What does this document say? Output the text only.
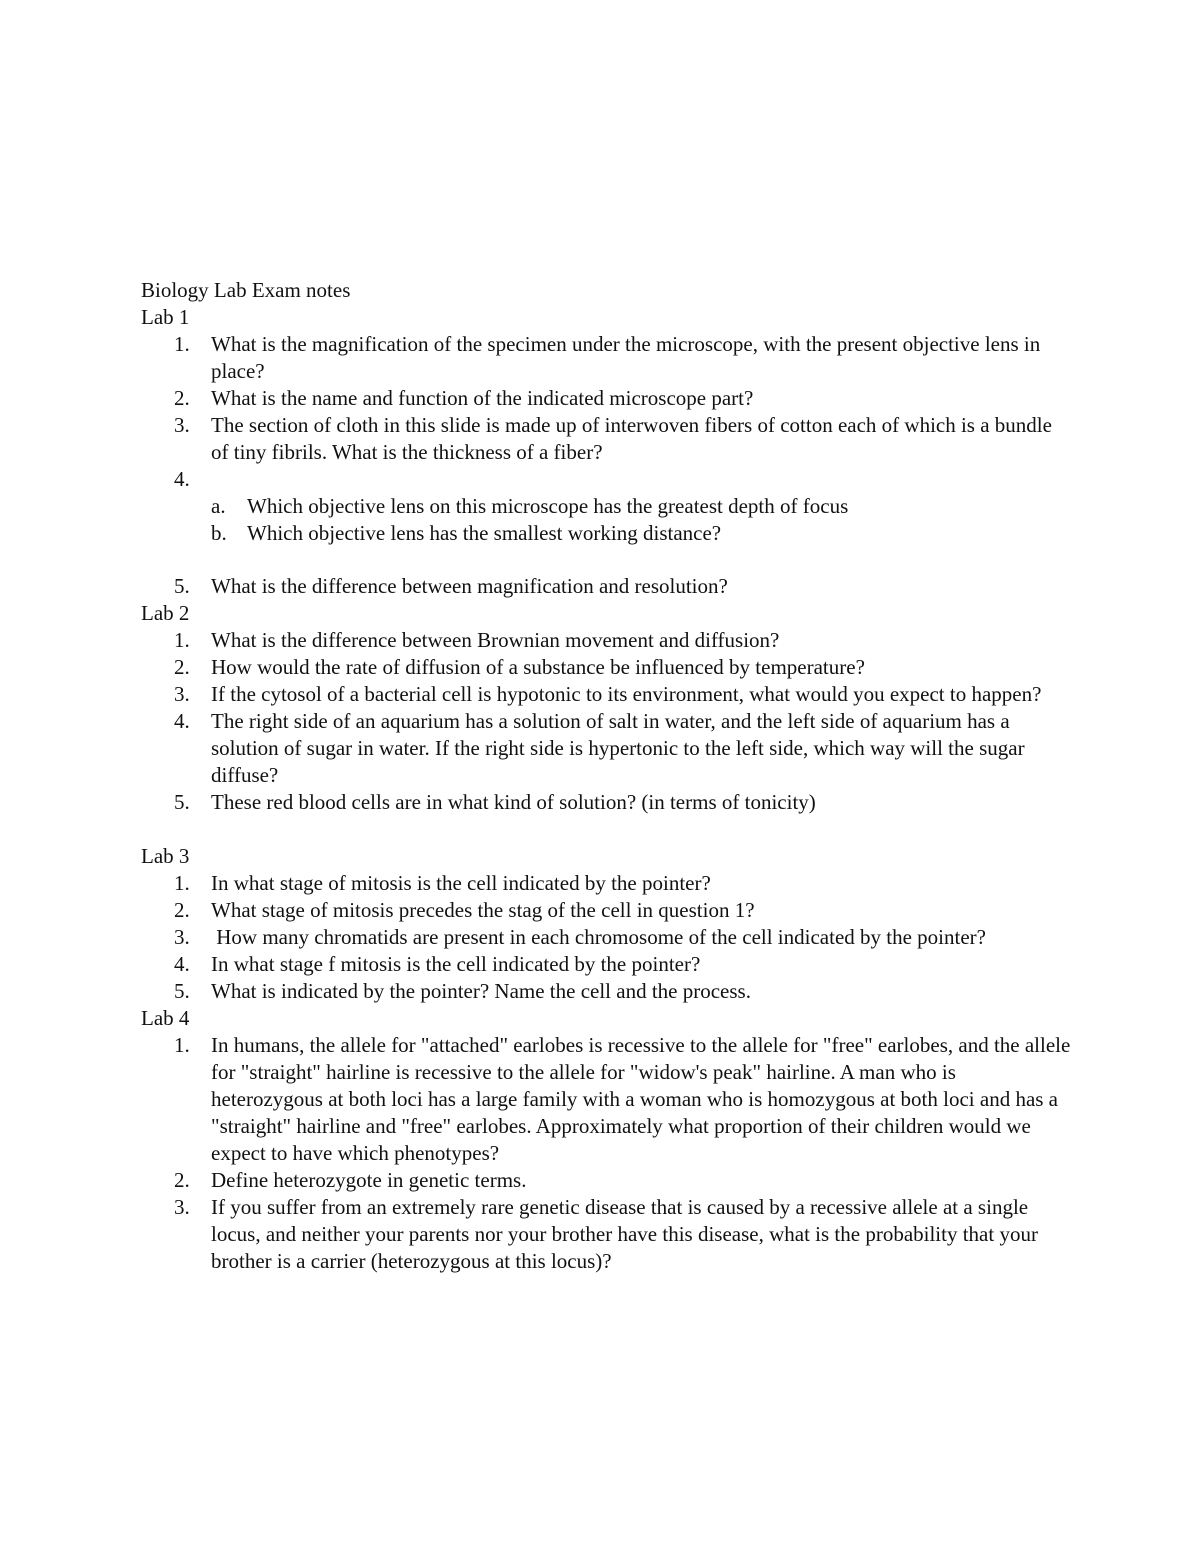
Biology Lab Exam notes
Lab 1
1. What is the magnification of the specimen under the microscope, with the present objective lens in place?
2. What is the name and function of the indicated microscope part?
3. The section of cloth in this slide is made up of interwoven fibers of cotton each of which is a bundle of tiny fibrils. What is the thickness of a fiber?
4.
a. Which objective lens on this microscope has the greatest depth of focus
b. Which objective lens has the smallest working distance?
5. What is the difference between magnification and resolution?
Lab 2
1. What is the difference between Brownian movement and diffusion?
2. How would the rate of diffusion of a substance be influenced by temperature?
3. If the cytosol of a bacterial cell is hypotonic to its environment, what would you expect to happen?
4. The right side of an aquarium has a solution of salt in water, and the left side of aquarium has a solution of sugar in water. If the right side is hypertonic to the left side, which way will the sugar diffuse?
5. These red blood cells are in what kind of solution? (in terms of tonicity)
Lab 3
1. In what stage of mitosis is the cell indicated by the pointer?
2. What stage of mitosis precedes the stag of the cell in question 1?
3. How many chromatids are present in each chromosome of the cell indicated by the pointer?
4. In what stage f mitosis is the cell indicated by the pointer?
5. What is indicated by the pointer? Name the cell and the process.
Lab 4
1. In humans, the allele for "attached" earlobes is recessive to the allele for "free" earlobes, and the allele for "straight" hairline is recessive to the allele for "widow's peak" hairline. A man who is heterozygous at both loci has a large family with a woman who is homozygous at both loci and has a "straight" hairline and "free" earlobes. Approximately what proportion of their children would we expect to have which phenotypes?
2. Define heterozygote in genetic terms.
3. If you suffer from an extremely rare genetic disease that is caused by a recessive allele at a single locus, and neither your parents nor your brother have this disease, what is the probability that your brother is a carrier (heterozygous at this locus)?
